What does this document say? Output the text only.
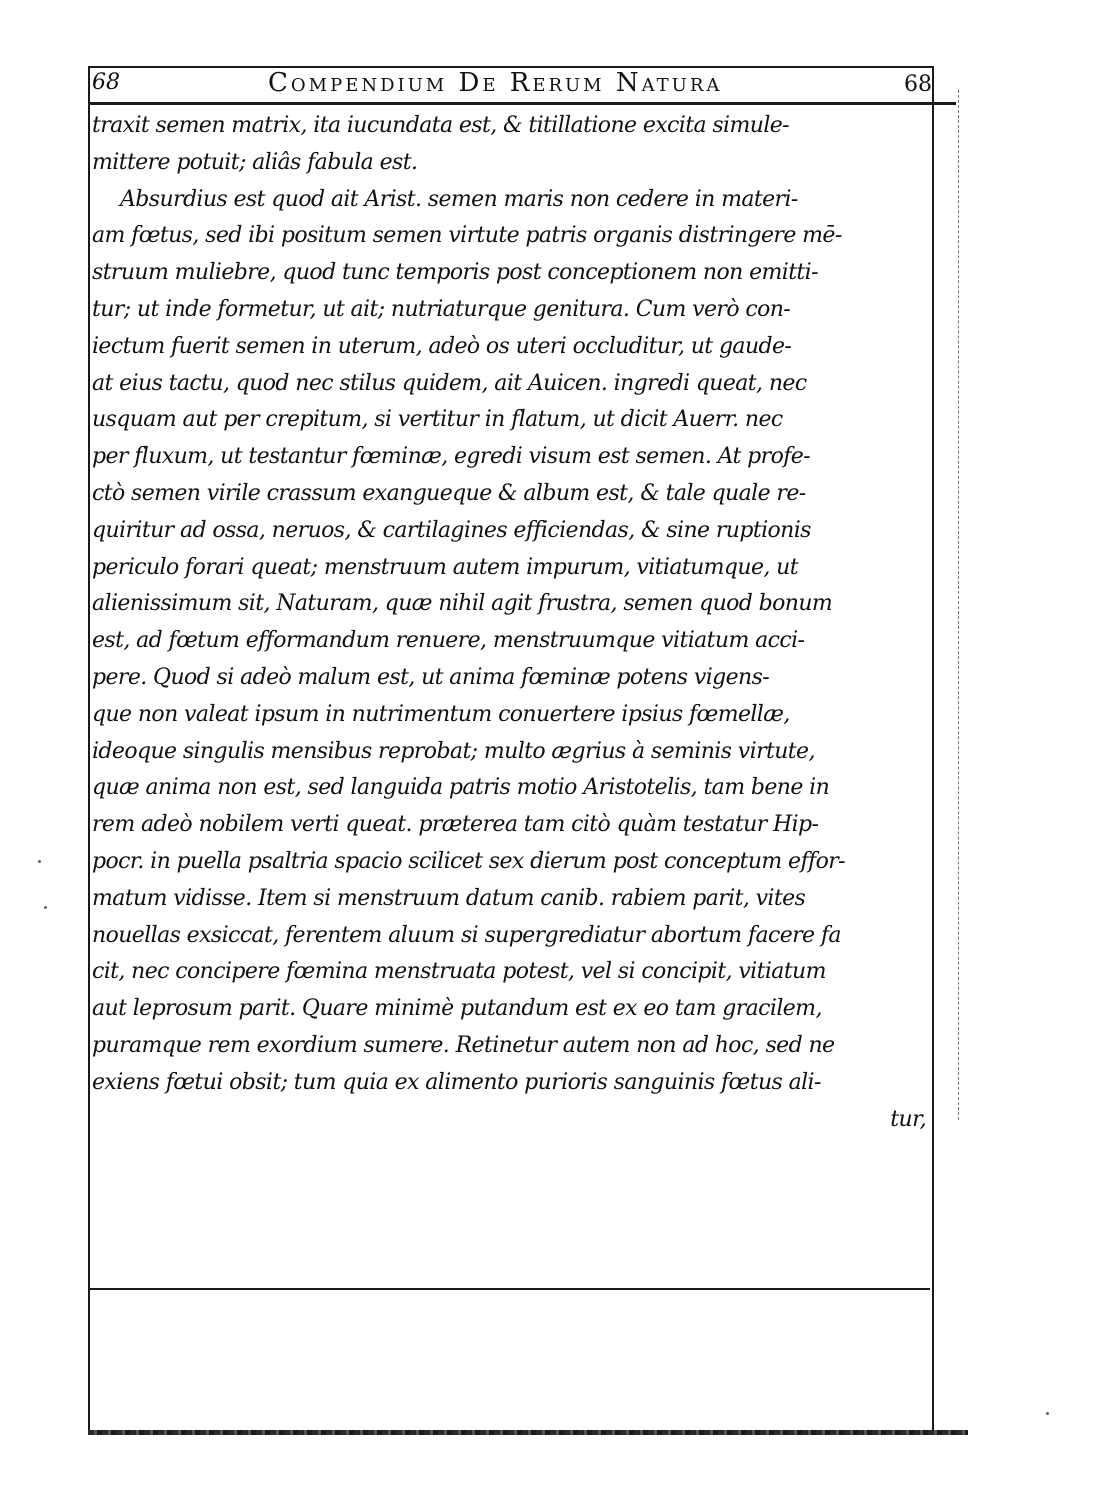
68	Compendium De Rerum Natura	68
traxit semen matrix, ita iucundata est, & titillatione excita simule-
mittere potuit; aliâs fabula est.
Absurdius est quod ait Arist. semen maris non cedere in materi-
am fœtus, sed ibi positum semen virtute patris organis distringere mē-
struum muliebre, quod tunc temporis post conceptionem non emitti-
tur; ut inde formetur, ut ait; nutriaturque genitura. Cum verò con-
iectum fuerit semen in uterum, adeò os uteri occluditur, ut gaude-
at eius tactu, quod nec stilus quidem, ait Auicen. ingredi queat, nec
usquam aut per crepitum, si vertitur in flatum, ut dicit Auerr. nec
per fluxum, ut testantur fœminæ, egredi visum est semen. At profe-
ctò semen virile crassum exangueque & album est, & tale quale re-
quiritur ad ossa, neruos, & cartilagines efficiendas, & sine ruptionis
periculo forari queat; menstruum autem impurum, vitiatumque, ut
alienissimum sit, Naturam, quæ nihil agit frustra, semen quod bonum
est, ad fœtum efformandum renuere, menstruumque vitiatum acci-
pere. Quod si adeò malum est, ut anima fœminæ potens vigens-
que non valeat ipsum in nutrimentum conuertere ipsius fœmellæ,
ideoque singulis mensibus reprobat; multo ægrius à seminis virtute,
quæ anima non est, sed languida patris motio Aristotelis, tam bene in
rem adeò nobilem verti queat. præterea tam citò quàm testatur Hip-
pocr. in puella psaltria spacio scilicet sex dierum post conceptum effor-
matum vidisse. Item si menstruum datum canib. rabiem parit, vites
nouellas exsiccat, ferentem aluum si supergrediatur abortum facere fa
cit, nec concipere fœmina menstruata potest, vel si concipit, vitiatum
aut leprosum parit. Quare minimè putandum est ex eo tam gracilem,
puramque rem exordium sumere. Retinetur autem non ad hoc, sed ne
exiens fœtui obsit; tum quia ex alimento purioris sanguinis fœtus ali-
tur,
